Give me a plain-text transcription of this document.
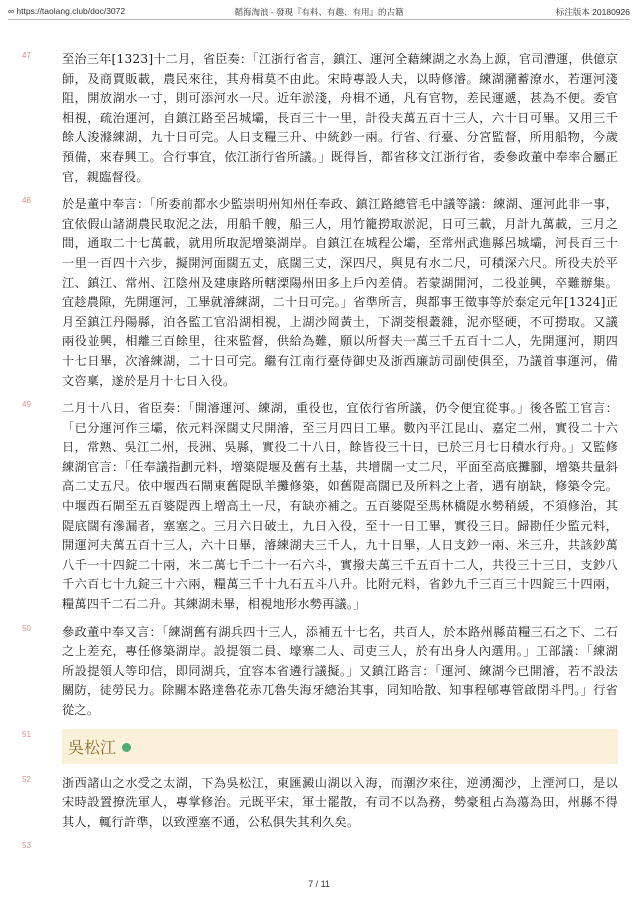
∞ https://taolang.club/doc/3072	韜海淘浪 - 發現『有料、有趣、有用』的古籍	标注版本 20180926
47	至治三年[1323]十二月，省臣奏：「江浙行省言，鎮江、運河全藉練湖之水為上源，官司漕運，供億京師，及商賈販載，農民來往，其舟楫莫不由此。宋時專設人夫，以時修濬。練湖瀦蓄潦水，若運河淺阻，開放湖水一寸，則可添河水一尺。近年淤淺，舟楫不通，凡有官物，差民運遞，甚為不便。委官相視，疏治運河，自鎮江路至呂城壩，長百三十一里，計役夫萬五百十三人，六十日可畢。又用三千餘人浚滌練湖，九十日可完。人日支糧三升、中統鈔一兩。行省、行臺、分宮監督，所用船物，今歲預備，來春興工。合行事宜，依江浙行省所議。」既得旨，都省移文江浙行省，委參政董中奉率合屬正官，親臨督役。
48	於是董中奉言：「所委前都水少監崇明州知州任奉政、鎮江路總管毛中議等議：練湖、運河此非一事，宜依假山諸湖農民取泥之法，用船千艘，船三人，用竹籠撈取淤泥，日可三載，月計九萬載，三月之間，通取二十七萬載，就用所取泥增築湖岸。自鎮江在城程公壩，至常州武進縣呂城壩，河長百三十一里一百四十六步，擬開河面闊五丈，底闊三丈，深四尺，與見有水二尺，可積深六尺。所役夫於平江、鎮江、常州、江陰州及建康路所轄溧陽州田多上戶內差倩。若蒙湖開河，二役並興，卒難辦集。宜趁農隙，先開運河，工畢就濬練湖，二十日可完。」省準所言，與都事王徵事等於泰定元年[1324]正月至鎮江丹陽縣，泊各監工官沿湖相視，上湖沙岡黃土，下湖茭根叢雜，泥亦堅硬，不可撈取。又議兩役並興，相離三百餘里，往來監督，供給為難，願以所督夫一萬三千五百十二人，先開運河，期四十七日畢，次濬練湖，二十日可完。繼有江南行臺侍御史及浙西廉訪司副使俱至，乃議首事運河，備文咨稟，遂於是月十七日入役。
49	二月十八日，省臣奏：「開濬運河、練湖，重役也，宜依行省所議，仍令便宜從事。」後各監工官言：「已分運河作三壩，依元料深闊丈尺開濬，至三月四日工畢。數內平江昆山、嘉定二州，實役二十六日，常熟、吳江二州，長洲、吳縣，實役二十八日，餘皆役三十日，已於三月七日積水行舟。」又監修練湖官言：「任奉議指劃元料，增築隄堰及舊有土基，共增闊一丈二尺，平面至高底攤腳，增築共量斜高二丈五尺。依中堰西石閘東舊隄臥羊攤修築，如舊隄高闊已及所料之上者，遇有崩缺，修築令完。中堰西石閘至五百婆隄西上增高土一尺，有缺亦補之。五百婆隄至馬林橋隄水勢稍緩，不須修治，其隄底闊有滲漏者，塞塞之。三月六日破土，九日入役，至十一日工畢，實役三日。歸勘任少監元料，開運河夫萬五百十三人，六十日畢，濬練湖夫三千人，九十日畢，人日支鈔一兩、米三升，共該鈔萬八千一十四錠二十兩，米二萬七千二十一石六斗，實撥夫萬三千五百十二人，共役三十三日，支鈔八千六百七十九錠三十六兩，糧萬三千十九石五斗八升。比附元料，省鈔九千三百三十四錠三十四兩，糧萬四千二石二升。其練湖未畢，相視地形水勢再議。」
50	參政董中奉又言：「練湖舊有湖兵四十三人，添補五十七名，共百人，於本路州縣苗糧三石之下、二石之上差充，專任修築湖岸。設提領二員、壕寨二人、司吏三人，於有出身人內選用。」工部議：「練湖所設提領人等印信，即同湖兵，宜容本省遴行議擬。」又鎮江路言：「運河、練湖今已開濬，若不設法關防，徒勞民力。除關本路達魯花赤兀魯失海牙總治其事，同知哈散、知事程郇專管啟閉斗門。」行省從之。
51
吳松江
52	浙西諸山之水受之太湖，下為吳松江，東匯澱山湖以入海，而潮汐來往，逆湧濁沙，上湮河口，是以宋時設置撩洗軍人，專掌修治。元既平宋，軍士罷散，有司不以為務，勢豪租占為蕩為田，州縣不得其人，輒行許準，以致湮塞不通，公私俱失其利久矣。
53

7 / 11
